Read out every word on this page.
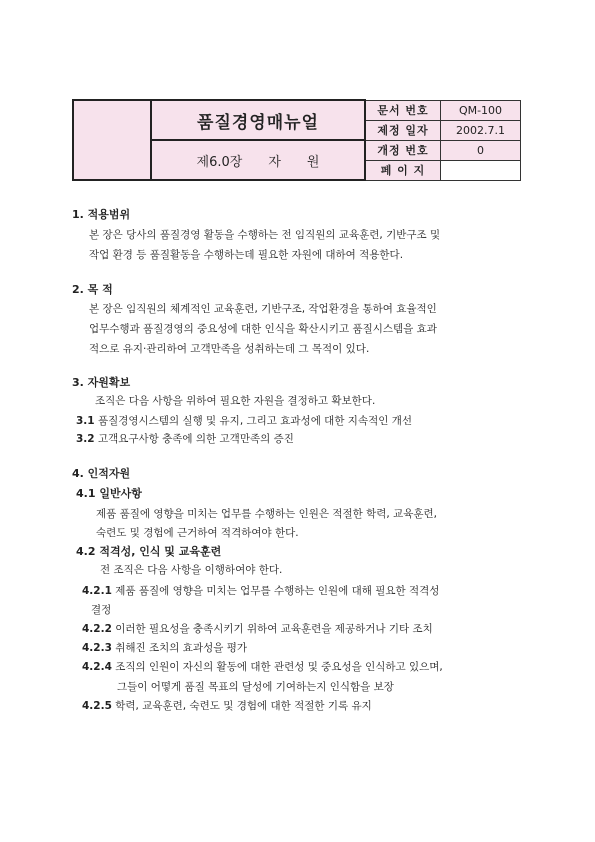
	품질경영매뉴얼	문서 번호	QM-100
		제정 일자	2002.7.1
	제6.0장 자 원	개정 번호	0
		페 이 지	
1. 적용범위
본 장은 당사의 품질경영 활동을 수행하는 전 임직원의 교육훈련, 기반구조 및
작업 환경 등 품질활동을 수행하는데 필요한 자원에 대하여 적용한다.
2. 목 적
본 장은 임직원의 체계적인 교육훈련, 기반구조, 작업환경을 통하여 효율적인
업무수행과 품질경영의 중요성에 대한 인식을 확산시키고 품질시스템을 효과
적으로 유지·관리하여 고객만족을 성취하는데 그 목적이 있다.
3. 자원확보
조직은 다음 사항을 위하여 필요한 자원을 결정하고 확보한다.
3.1 품질경영시스템의 실행 및 유지, 그리고 효과성에 대한 지속적인 개선
3.2 고객요구사항 충족에 의한 고객만족의 증진
4. 인적자원
4.1 일반사항
제품 품질에 영향을 미치는 업무를 수행하는 인원은 적절한 학력, 교육훈련,
숙련도 및 경험에 근거하여 적격하여야 한다.
4.2 적격성, 인식 및 교육훈련
전 조직은 다음 사항을 이행하여야 한다.
4.2.1 제품 품질에 영향을 미치는 업무를 수행하는 인원에 대해 필요한 적격성
결정
4.2.2 이러한 필요성을 충족시키기 위하여 교육훈련을 제공하거나 기타 조치
4.2.3 취해진 조치의 효과성을 평가
4.2.4 조직의 인원이 자신의 활동에 대한 관련성 및 중요성을 인식하고 있으며,
그들이 어떻게 품질 목표의 달성에 기여하는지 인식함을 보장
4.2.5 학력, 교육훈련, 숙련도 및 경험에 대한 적절한 기록 유지
